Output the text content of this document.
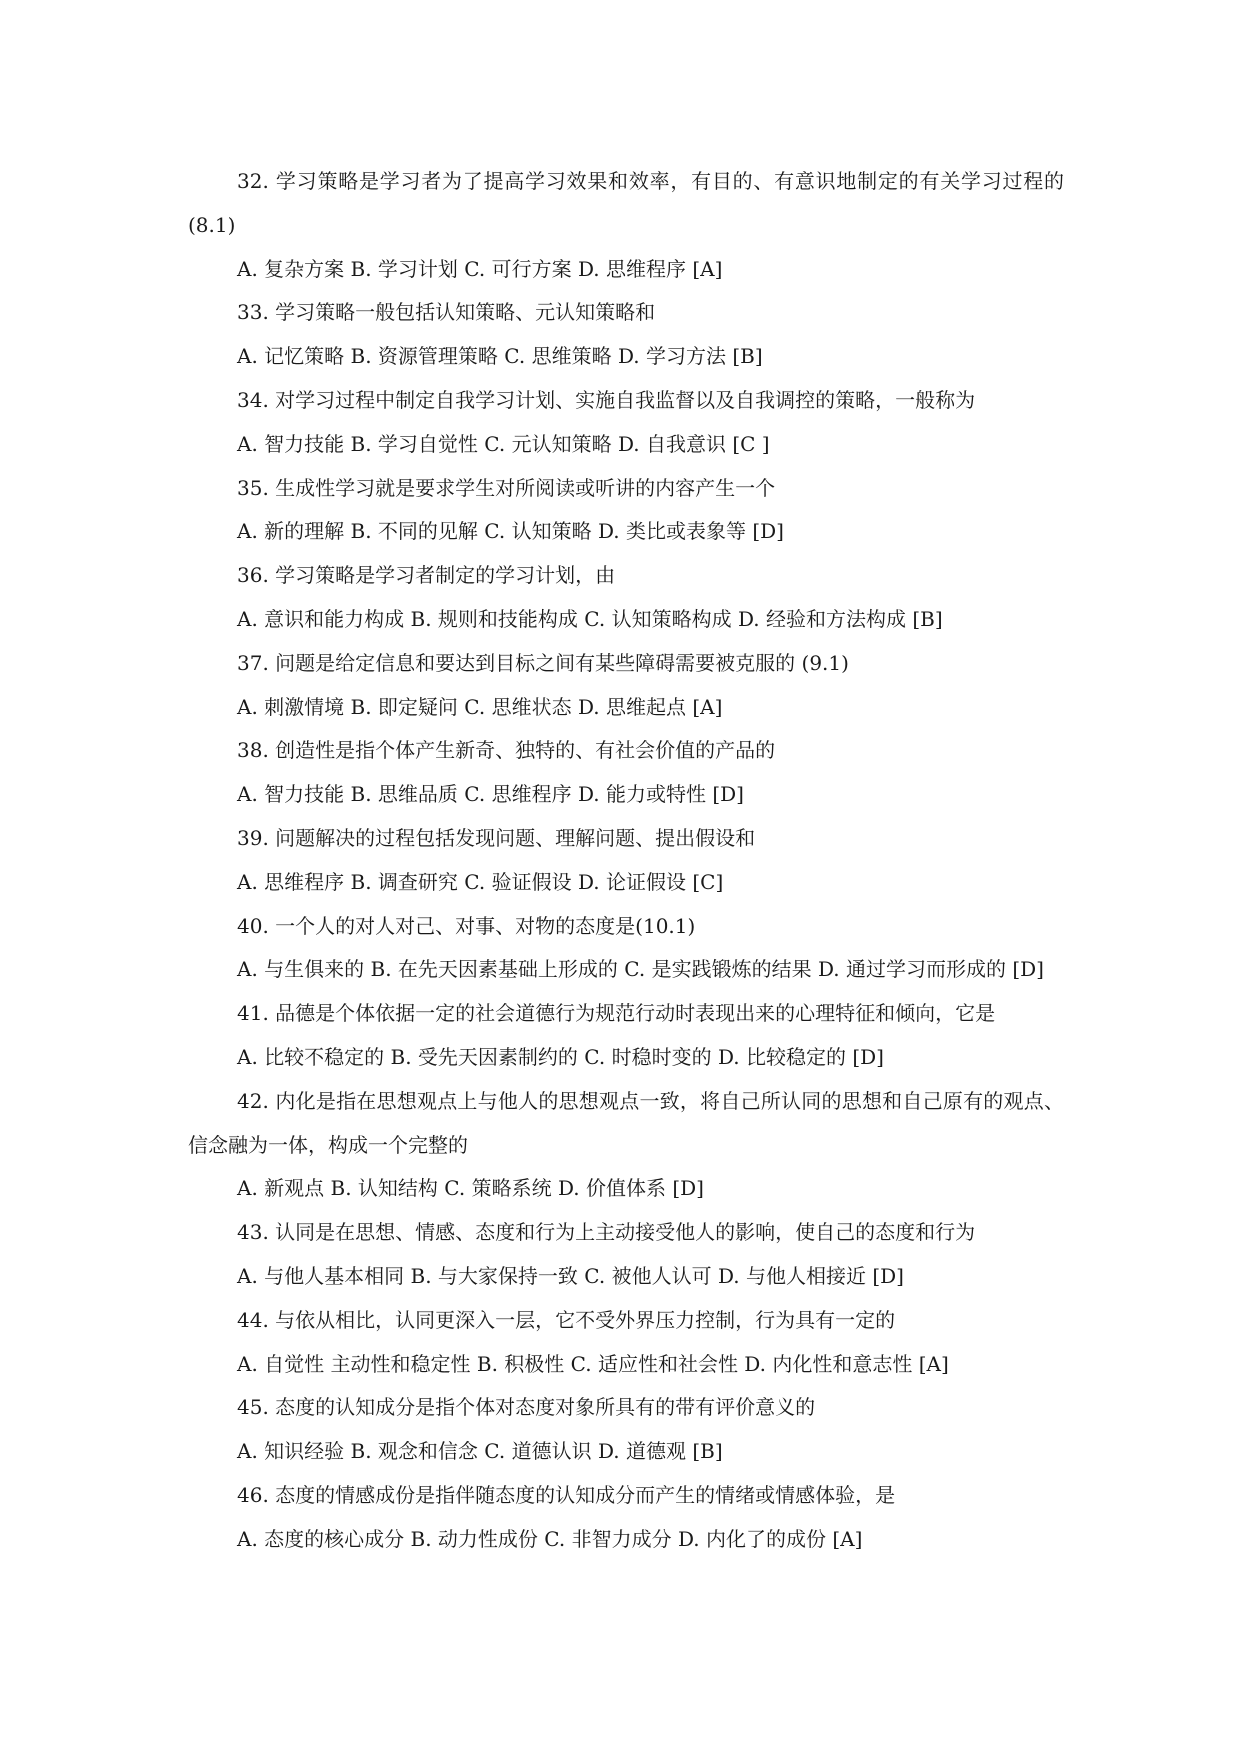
32. 学习策略是学习者为了提高学习效果和效率，有目的、有意识地制定的有关学习过程的 (8.1)

A. 复杂方案 B. 学习计划 C. 可行方案 D. 思维程序 [A]

33. 学习策略一般包括认知策略、元认知策略和

A. 记忆策略 B. 资源管理策略 C. 思维策略 D. 学习方法 [B]

34. 对学习过程中制定自我学习计划、实施自我监督以及自我调控的策略，一般称为

A. 智力技能 B. 学习自觉性 C. 元认知策略 D. 自我意识 [C ]

35. 生成性学习就是要求学生对所阅读或听讲的内容产生一个

A. 新的理解 B. 不同的见解 C. 认知策略 D. 类比或表象等 [D]

36. 学习策略是学习者制定的学习计划，由

A. 意识和能力构成 B. 规则和技能构成 C. 认知策略构成 D. 经验和方法构成 [B]

37. 问题是给定信息和要达到目标之间有某些障碍需要被克服的 (9.1)

A. 刺激情境 B. 即定疑问 C. 思维状态 D. 思维起点 [A]

38. 创造性是指个体产生新奇、独特的、有社会价值的产品的

A. 智力技能 B. 思维品质 C. 思维程序 D. 能力或特性 [D]

39. 问题解决的过程包括发现问题、理解问题、提出假设和

A. 思维程序 B. 调查研究 C. 验证假设 D. 论证假设 [C]

40. 一个人的对人对己、对事、对物的态度是(10.1)

A. 与生俱来的 B. 在先天因素基础上形成的 C. 是实践锻炼的结果 D. 通过学习而形成的 [D]

41. 品德是个体依据一定的社会道德行为规范行动时表现出来的心理特征和倾向，它是

A. 比较不稳定的 B. 受先天因素制约的 C. 时稳时变的 D. 比较稳定的 [D]

42. 内化是指在思想观点上与他人的思想观点一致，将自己所认同的思想和自己原有的观点、信念融为一体，构成一个完整的

A. 新观点 B. 认知结构 C. 策略系统 D. 价值体系 [D]

43. 认同是在思想、情感、态度和行为上主动接受他人的影响，使自己的态度和行为

A. 与他人基本相同 B. 与大家保持一致 C. 被他人认可 D. 与他人相接近 [D]

44. 与依从相比，认同更深入一层，它不受外界压力控制，行为具有一定的

A. 自觉性 主动性和稳定性 B. 积极性 C. 适应性和社会性 D. 内化性和意志性 [A]

45. 态度的认知成分是指个体对态度对象所具有的带有评价意义的

A. 知识经验 B. 观念和信念 C. 道德认识 D. 道德观 [B]

46. 态度的情感成份是指伴随态度的认知成分而产生的情绪或情感体验，是

A. 态度的核心成分 B. 动力性成份 C. 非智力成分 D. 内化了的成份 [A]
